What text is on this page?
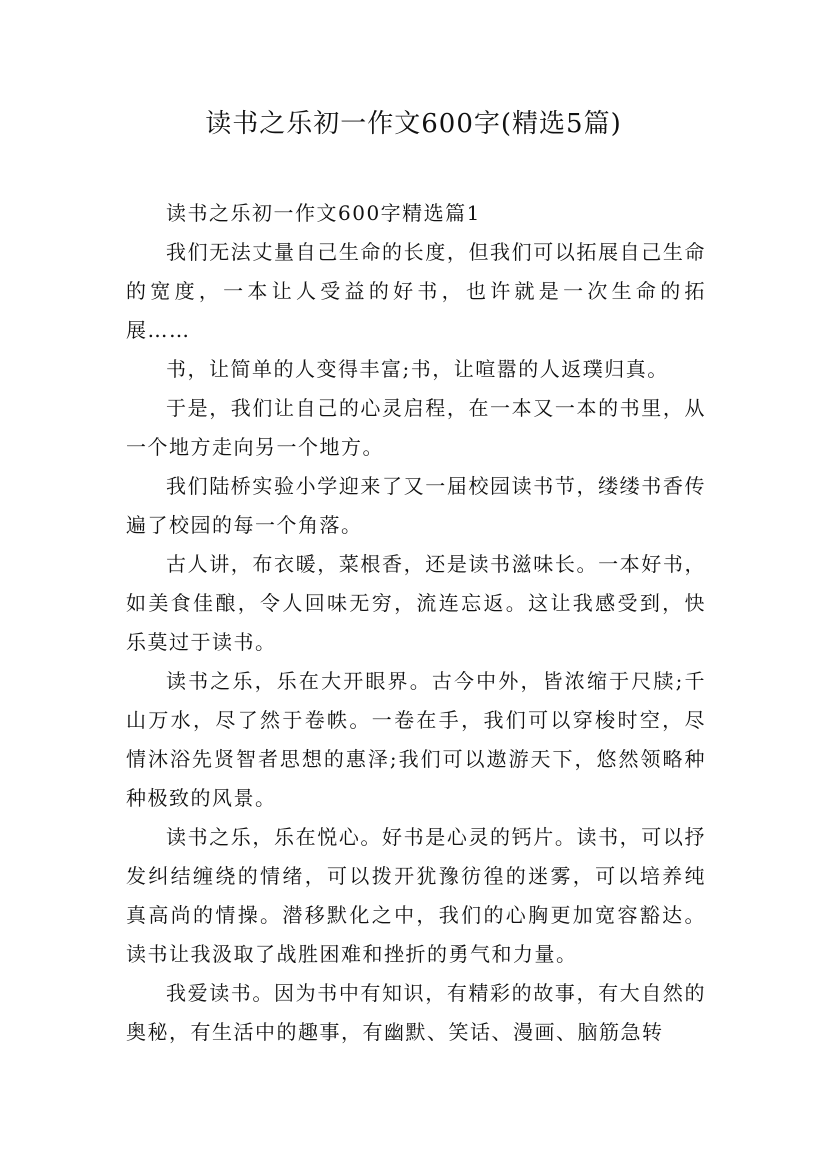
读书之乐初一作文600字(精选5篇)

读书之乐初一作文600字精选篇1

我们无法丈量自己生命的长度，但我们可以拓展自己生命的宽度，一本让人受益的好书，也许就是一次生命的拓展……

书，让简单的人变得丰富;书，让喧嚣的人返璞归真。

于是，我们让自己的心灵启程，在一本又一本的书里，从一个地方走向另一个地方。

我们陆桥实验小学迎来了又一届校园读书节，缕缕书香传遍了校园的每一个角落。

古人讲，布衣暖，菜根香，还是读书滋味长。一本好书，如美食佳酿，令人回味无穷，流连忘返。这让我感受到，快乐莫过于读书。

读书之乐，乐在大开眼界。古今中外，皆浓缩于尺牍;千山万水，尽了然于卷帙。一卷在手，我们可以穿梭时空，尽情沐浴先贤智者思想的惠泽;我们可以遨游天下，悠然领略种种极致的风景。

读书之乐，乐在悦心。好书是心灵的钙片。读书，可以抒发纠结缠绕的情绪，可以拨开犹豫彷徨的迷雾，可以培养纯真高尚的情操。潜移默化之中，我们的心胸更加宽容豁达。读书让我汲取了战胜困难和挫折的勇气和力量。

我爱读书。因为书中有知识，有精彩的故事，有大自然的奥秘，有生活中的趣事，有幽默、笑话、漫画、脑筋急转
